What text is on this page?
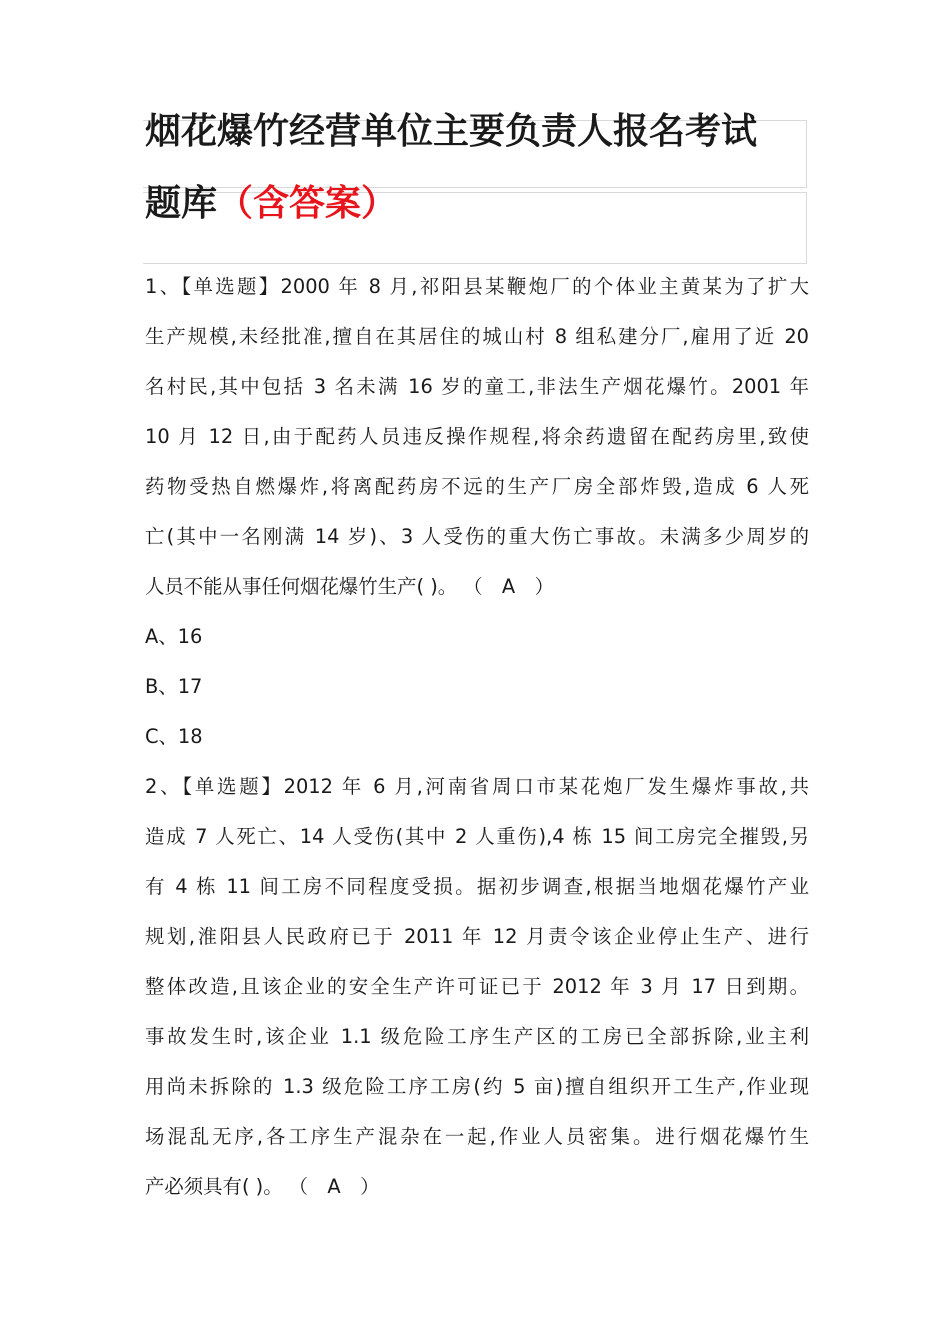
烟花爆竹经营单位主要负责人报名考试
题库（含答案）
1、【单选题】2000 年 8 月,祁阳县某鞭炮厂的个体业主黄某为了扩大
生产规模,未经批准,擅自在其居住的城山村 8 组私建分厂,雇用了近 20
名村民,其中包括 3 名未满 16 岁的童工,非法生产烟花爆竹。2001 年
10 月 12 日,由于配药人员违反操作规程,将余药遗留在配药房里,致使
药物受热自燃爆炸,将离配药房不远的生产厂房全部炸毁,造成 6 人死
亡(其中一名刚满 14 岁)、3 人受伤的重大伤亡事故。未满多少周岁的
人员不能从事任何烟花爆竹生产( )。 （　A　）
A、16
B、17
C、18
2、【单选题】2012 年 6 月,河南省周口市某花炮厂发生爆炸事故,共
造成 7 人死亡、14 人受伤(其中 2 人重伤),4 栋 15 间工房完全摧毁,另
有 4 栋 11 间工房不同程度受损。据初步调查,根据当地烟花爆竹产业
规划,淮阳县人民政府已于 2011 年 12 月责令该企业停止生产、进行
整体改造,且该企业的安全生产许可证已于 2012 年 3 月 17 日到期。
事故发生时,该企业 1.1 级危险工序生产区的工房已全部拆除,业主利
用尚未拆除的 1.3 级危险工序工房(约 5 亩)擅自组织开工生产,作业现
场混乱无序,各工序生产混杂在一起,作业人员密集。进行烟花爆竹生
产必须具有( )。 （　A　）
